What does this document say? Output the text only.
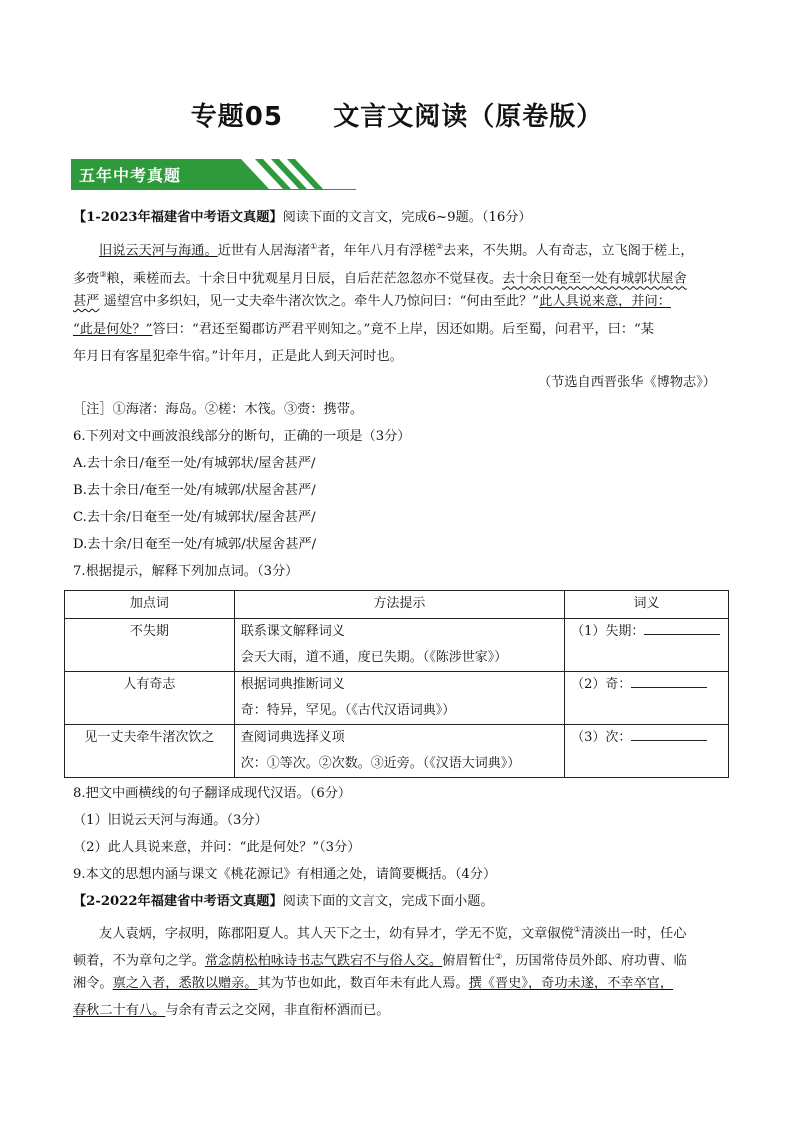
专题05     文言文阅读（原卷版）
五年中考真题
【1-2023年福建省中考语文真题】阅读下面的文言文，完成6~9题。（16分）
旧说云天河与海通。近世有人居海渚①者，年年八月有浮槎②去来，不失期。人有奇志，立飞阁于槎上，
多赍③粮，乘槎而去。十余日中犹观星月日辰，自后茫茫忽忽亦不觉昼夜。去十余日奄至一处有城郭状屋舍
甚严 遥望宫中多织妇，见一丈夫牵牛渚次饮之。牵牛人乃惊问曰：“何由至此？”此人具说来意，并问：
“此是何处？”答曰：“君还至蜀郡访严君平则知之。”竟不上岸，因还如期。后至蜀，问君平，曰：“某
年月日有客星犯牵牛宿。”计年月，正是此人到天河时也。
（节选自西晋张华《博物志》）
［注］①海渚：海岛。②槎：木筏。③赍：携带。
6.下列对文中画波浪线部分的断句，正确的一项是（3分）
A.去十余日/奄至一处/有城郭状/屋舍甚严/
B.去十余日/奄至一处/有城郭/状屋舍甚严/
C.去十余/日奄至一处/有城郭状/屋舍甚严/
D.去十余/日奄至一处/有城郭/状屋舍甚严/
7.根据提示，解释下列加点词。（3分）
加点词	方法提示	词义
不失期	联系课文解释词义
会天大雨，道不通，度已失期。（《陈涉世家》）	（1）失期：
人有奇志	根据词典推断词义
奇：特异，罕见。（《古代汉语词典》）	（2）奇：
见一丈夫牵牛渚次饮之	查阅词典选择义项
次：①等次。②次数。③近旁。（《汉语大词典》）	（3）次：
8.把文中画横线的句子翻译成现代汉语。（6分）
（1）旧说云天河与海通。（3分）
（2）此人具说来意，并问：“此是何处？”（3分）
9.本文的思想内涵与课文《桃花源记》有相通之处，请简要概括。（4分）
【2-2022年福建省中考语文真题】阅读下面的文言文，完成下面小题。
友人袁炳，字叔明，陈郡阳夏人。其人天下之士，幼有异才，学无不览，文章俶傥①清淡出一时，任心
顿着，不为章句之学。常念荫松柏咏诗书志气跌宕不与俗人交。俯眉暂仕②，历国常侍员外郎、府功曹、临
湘令。禀之入者，悉散以赠亲。其为节也如此，数百年未有此人焉。撰《晋史》，奇功未遂，不幸卒官，
春秋二十有八。与余有青云之交网，非直衔杯酒而已。
